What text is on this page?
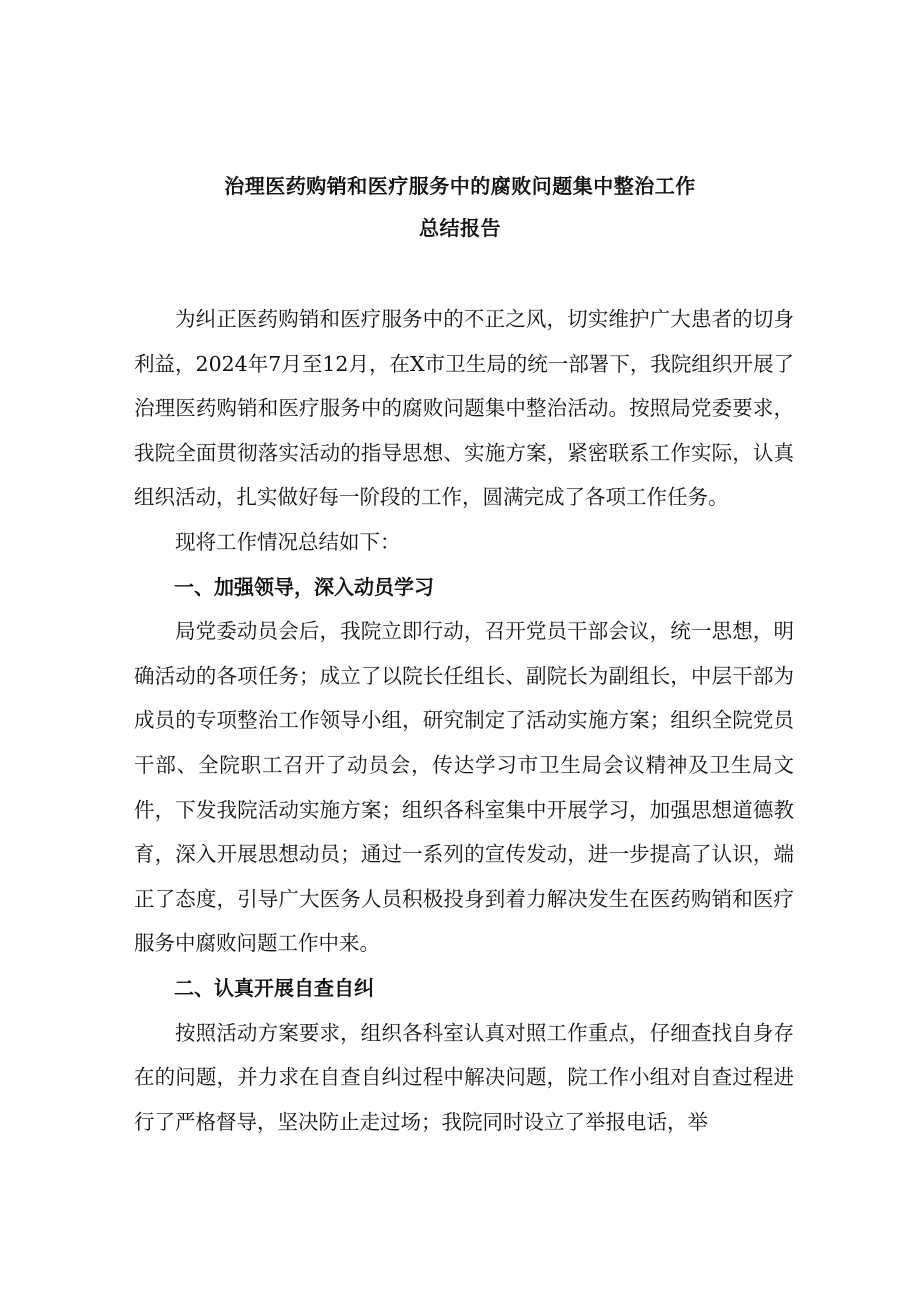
治理医药购销和医疗服务中的腐败问题集中整治工作
总结报告

为纠正医药购销和医疗服务中的不正之风，切实维护广大患者的切身利益，2024年7月至12月，在X市卫生局的统一部署下，我院组织开展了治理医药购销和医疗服务中的腐败问题集中整治活动。按照局党委要求，我院全面贯彻落实活动的指导思想、实施方案，紧密联系工作实际，认真组织活动，扎实做好每一阶段的工作，圆满完成了各项工作任务。

现将工作情况总结如下：

一、加强领导，深入动员学习

局党委动员会后，我院立即行动，召开党员干部会议，统一思想，明确活动的各项任务；成立了以院长任组长、副院长为副组长，中层干部为成员的专项整治工作领导小组，研究制定了活动实施方案；组织全院党员干部、全院职工召开了动员会，传达学习市卫生局会议精神及卫生局文件，下发我院活动实施方案；组织各科室集中开展学习，加强思想道德教育，深入开展思想动员；通过一系列的宣传发动，进一步提高了认识，端正了态度，引导广大医务人员积极投身到着力解决发生在医药购销和医疗服务中腐败问题工作中来。

二、认真开展自查自纠

按照活动方案要求，组织各科室认真对照工作重点，仔细查找自身存在的问题，并力求在自查自纠过程中解决问题，院工作小组对自查过程进行了严格督导，坚决防止走过场；我院同时设立了举报电话，举
